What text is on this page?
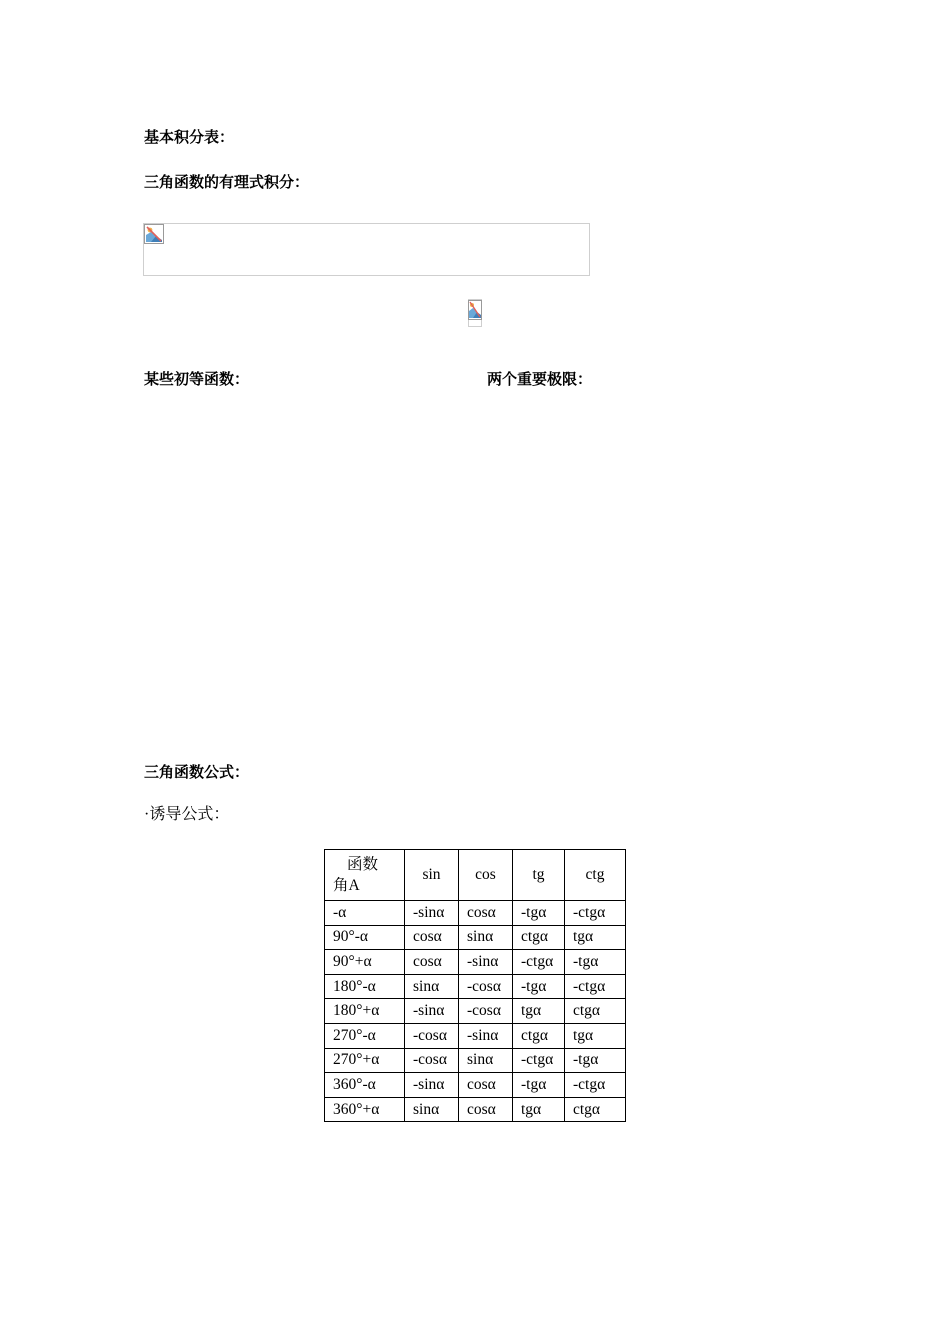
基本积分表：
三角函数的有理式积分：
某些初等函数：	两个重要极限：
三角函数公式：
·诱导公式：
函数
角A	sin	cos	tg	ctg
-α	-sinα	cosα	-tgα	-ctgα
90°-α	cosα	sinα	ctgα	tgα
90°+α	cosα	-sinα	-ctgα	-tgα
180°-α	sinα	-cosα	-tgα	-ctgα
180°+α	-sinα	-cosα	tgα	ctgα
270°-α	-cosα	-sinα	ctgα	tgα
270°+α	-cosα	sinα	-ctgα	-tgα
360°-α	-sinα	cosα	-tgα	-ctgα
360°+α	sinα	cosα	tgα	ctgα
